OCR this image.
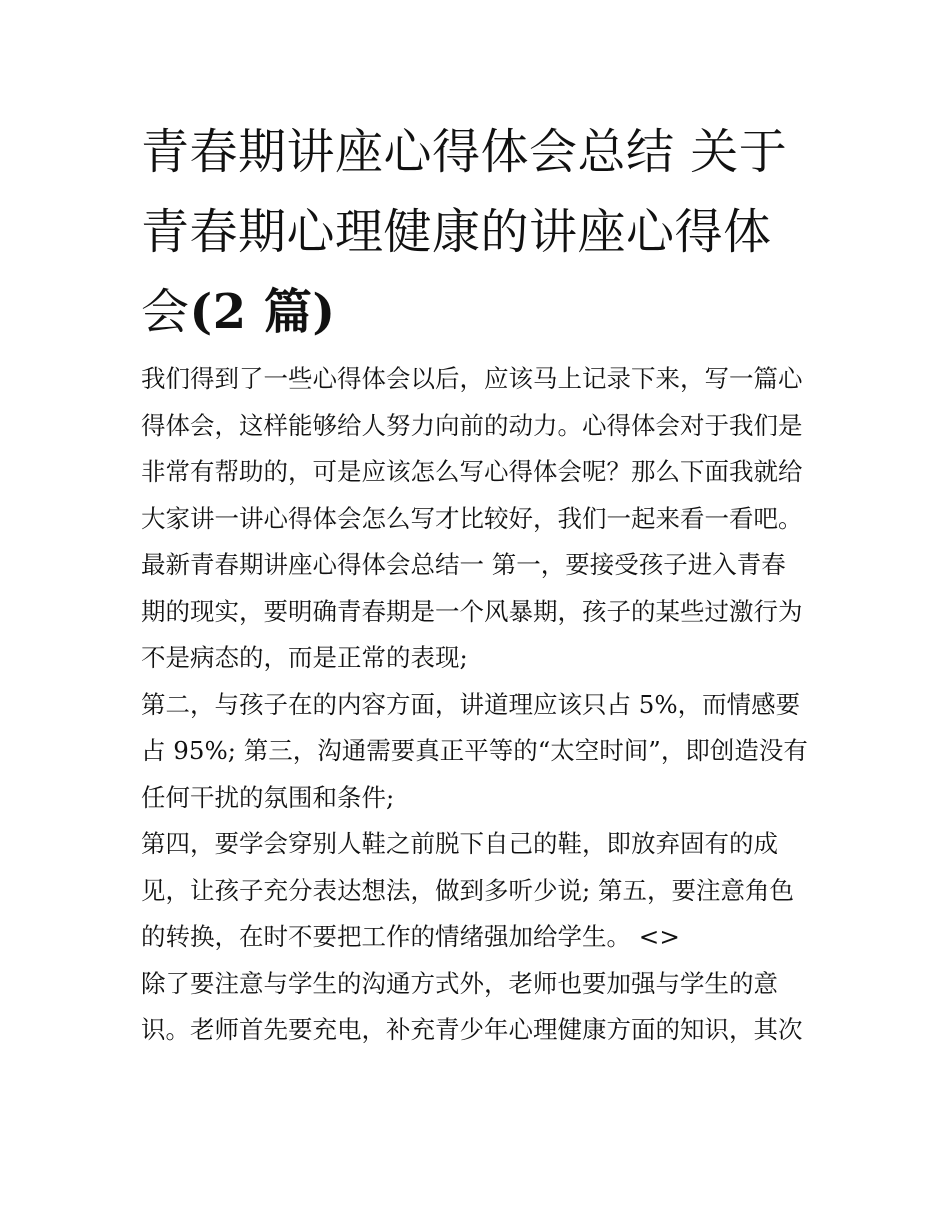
青春期讲座心得体会总结 关于
青春期心理健康的讲座心得体
会(2 篇)
我们得到了一些心得体会以后，应该马上记录下来，写一篇心
得体会，这样能够给人努力向前的动力。心得体会对于我们是
非常有帮助的，可是应该怎么写心得体会呢？那么下面我就给
大家讲一讲心得体会怎么写才比较好，我们一起来看一看吧。
最新青春期讲座心得体会总结一 第一，要接受孩子进入青春
期的现实，要明确青春期是一个风暴期，孩子的某些过激行为
不是病态的，而是正常的表现;
第二，与孩子在的内容方面，讲道理应该只占 5%，而情感要
占 95%; 第三，沟通需要真正平等的“太空时间”，即创造没有
任何干扰的氛围和条件;
第四，要学会穿别人鞋之前脱下自己的鞋，即放弃固有的成
见，让孩子充分表达想法，做到多听少说; 第五，要注意角色
的转换，在时不要把工作的情绪强加给学生。 <>
除了要注意与学生的沟通方式外，老师也要加强与学生的意
识。老师首先要充电，补充青少年心理健康方面的知识，其次
